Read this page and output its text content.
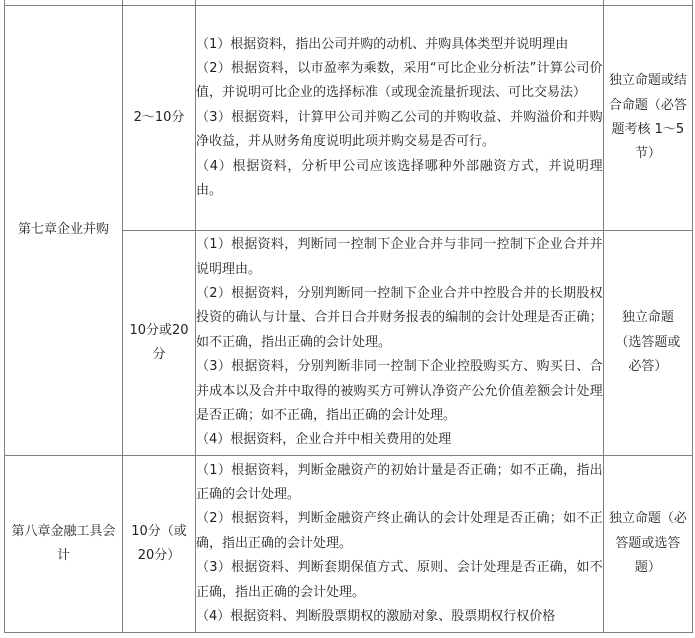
第七章企业并购	2～10分	（1）根据资料，指出公司并购的动机、并购具体类型并说明理由
（2）根据资料，以市盈率为乘数，采用“可比企业分析法”计算公司价值，并说明可比企业的选择标准（或现金流量折现法、可比交易法）
（3）根据资料，计算甲公司并购乙公司的并购收益、并购溢价和并购净收益，并从财务角度说明此项并购交易是否可行。
（4）根据资料，分析甲公司应该选择哪种外部融资方式，并说明理由。	独立命题或结合命题（必答题考核 1～5 节）

	10分或20分	（1）根据资料，判断同一控制下企业合并与非同一控制下企业合并并说明理由。
（2）根据资料，分别判断同一控制下企业合并中控股合并的长期股权投资的确认与计量、合并日合并财务报表的编制的会计处理是否正确；如不正确，指出正确的会计处理。
（3）根据资料，分别判断非同一控制下企业控股购买方、购买日、合并成本以及合并中取得的被购买方可辨认净资产公允价值差额会计处理是否正确；如不正确，指出正确的会计处理。
（4）根据资料，企业合并中相关费用的处理	独立命题（选答题或必答）

第八章金融工具会计	10分（或 20分）	（1）根据资料，判断金融资产的初始计量是否正确；如不正确，指出正确的会计处理。
（2）根据资料，判断金融资产终止确认的会计处理是否正确；如不正确，指出正确的会计处理。
（3）根据资料、判断套期保值方式、原则、会计处理是否正确，如不正确，指出正确的会计处理。
（4）根据资料、判断股票期权的激励对象、股票期权行权价格	独立命题（必答题或选答题）
